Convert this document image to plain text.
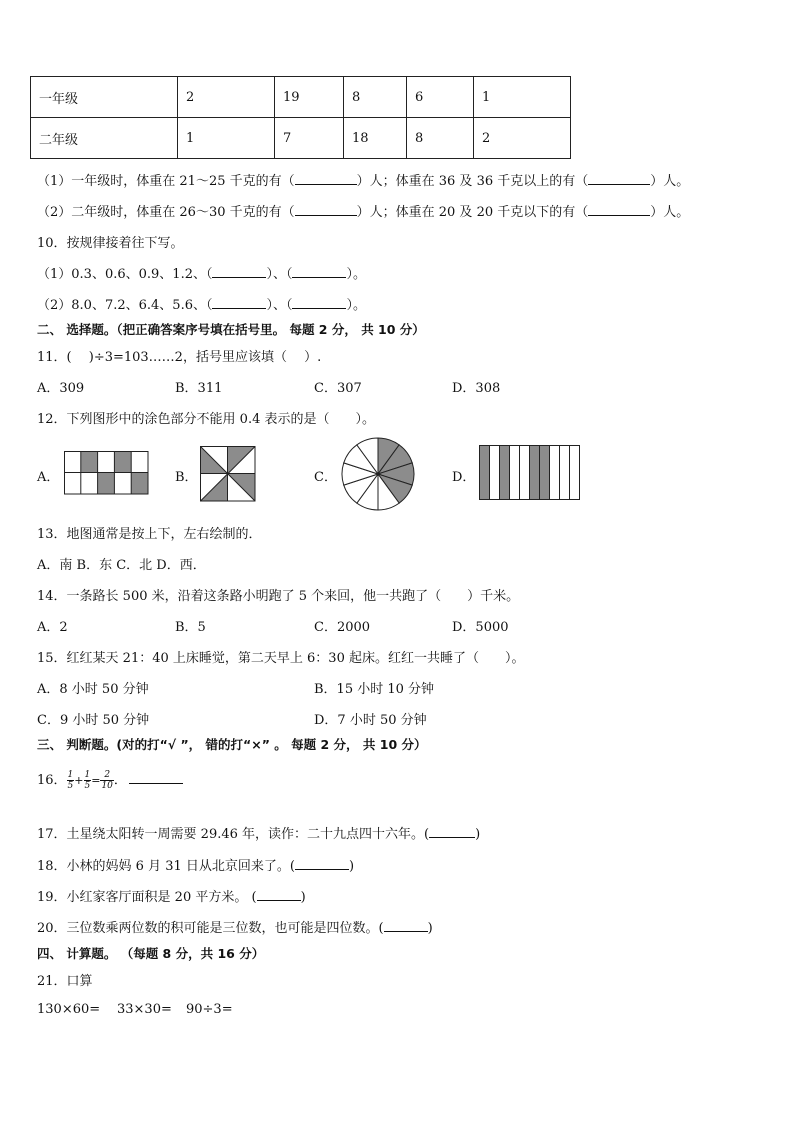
一年级	2	19	8	6	1
二年级	1	7	18	8	2
（1）一年级时，体重在 21～25 千克的有（	）人；体重在 36 及 36 千克以上的有（	）人。
（2）二年级时，体重在 26～30 千克的有（	）人；体重在 20 及 20 千克以下的有（	）人。
10．按规律接着往下写。
（1）0.3、0.6、0.9、1.2、（	）、（	）。
（2）8.0、7.2、6.4、5.6、（	）、（	）。
二、 选择题。（把正确答案序号填在括号里。 每题 2 分， 共 10 分）
11．(　 )÷3=103……2，括号里应该填（　 ）.
A．309	B．311	C．307	D．308
12．下列图形中的涂色部分不能用 0.4 表示的是（　　）。
A．	B．	C．	D．
13．地图通常是按上下，左右绘制的．
A．南 B．东 C．北 D．西．
14．一条路长 500 米，沿着这条路小明跑了 5 个来回，他一共跑了（　　）千米。
A．2	B．5	C．2000	D．5000
15．红红某天 21：40 上床睡觉，第二天早上 6：30 起床。红红一共睡了（　　）。
A．8 小时 50 分钟	B．15 小时 10 分钟
C．9 小时 50 分钟	D．7 小时 50 分钟
三、 判断题。(对的打“√ ”， 错的打“×” 。 每题 2 分， 共 10 分）
16． $\frac{1}{5} + \frac{1}{5} = \frac{2}{10}$ ．
17．土星绕太阳转一周需要 29.46 年，读作：二十九点四十六年。(	)
18．小林的妈妈 6 月 31 日从北京回来了。(	)
19．小红家客厅面积是 20 平方米。 (	)
20．三位数乘两位数的积可能是三位数，也可能是四位数。(	)
四、 计算题。 （每题 8 分，共 16 分）
21．口算
130×60= 33×30= 90÷3=
